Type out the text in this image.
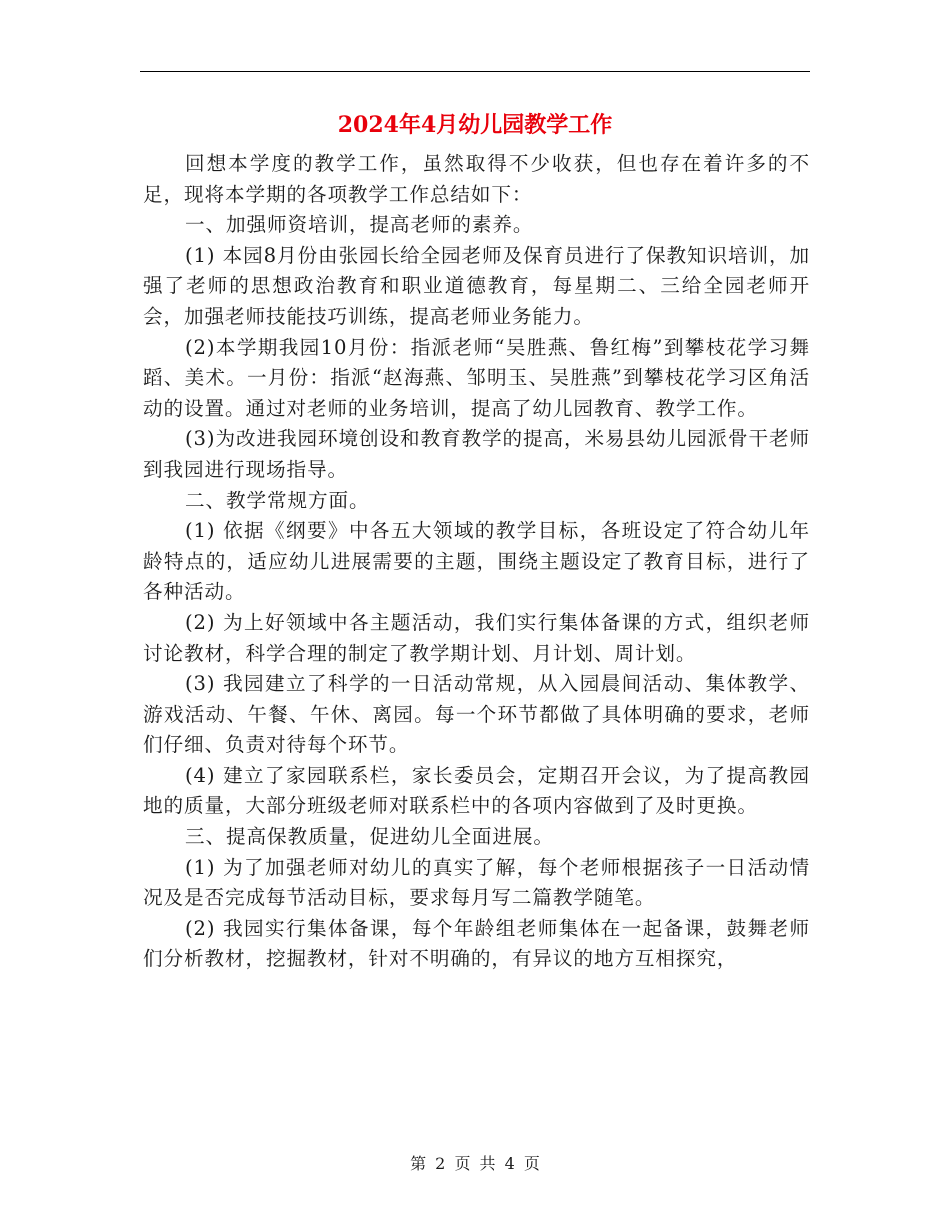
2024年4月幼儿园教学工作

回想本学度的教学工作，虽然取得不少收获，但也存在着许多的不足，现将本学期的各项教学工作总结如下：

一、加强师资培训，提高老师的素养。

(1) 本园8月份由张园长给全园老师及保育员进行了保教知识培训，加强了老师的思想政治教育和职业道德教育，每星期二、三给全园老师开会，加强老师技能技巧训练，提高老师业务能力。

(2)本学期我园10月份：指派老师“吴胜燕、鲁红梅”到攀枝花学习舞蹈、美术。一月份：指派“赵海燕、邹明玉、吴胜燕”到攀枝花学习区角活动的设置。通过对老师的业务培训，提高了幼儿园教育、教学工作。

(3)为改进我园环境创设和教育教学的提高，米易县幼儿园派骨干老师到我园进行现场指导。

二、教学常规方面。

(1) 依据《纲要》中各五大领域的教学目标，各班设定了符合幼儿年龄特点的，适应幼儿进展需要的主题，围绕主题设定了教育目标，进行了各种活动。

(2) 为上好领域中各主题活动，我们实行集体备课的方式，组织老师讨论教材，科学合理的制定了教学期计划、月计划、周计划。

(3) 我园建立了科学的一日活动常规，从入园晨间活动、集体教学、游戏活动、午餐、午休、离园。每一个环节都做了具体明确的要求，老师们仔细、负责对待每个环节。

(4) 建立了家园联系栏，家长委员会，定期召开会议，为了提高教园地的质量，大部分班级老师对联系栏中的各项内容做到了及时更换。

三、提高保教质量，促进幼儿全面进展。

(1) 为了加强老师对幼儿的真实了解，每个老师根据孩子一日活动情况及是否完成每节活动目标，要求每月写二篇教学随笔。

(2) 我园实行集体备课，每个年龄组老师集体在一起备课，鼓舞老师们分析教材，挖掘教材，针对不明确的，有异议的地方互相探究，

第 2 页 共 4 页
